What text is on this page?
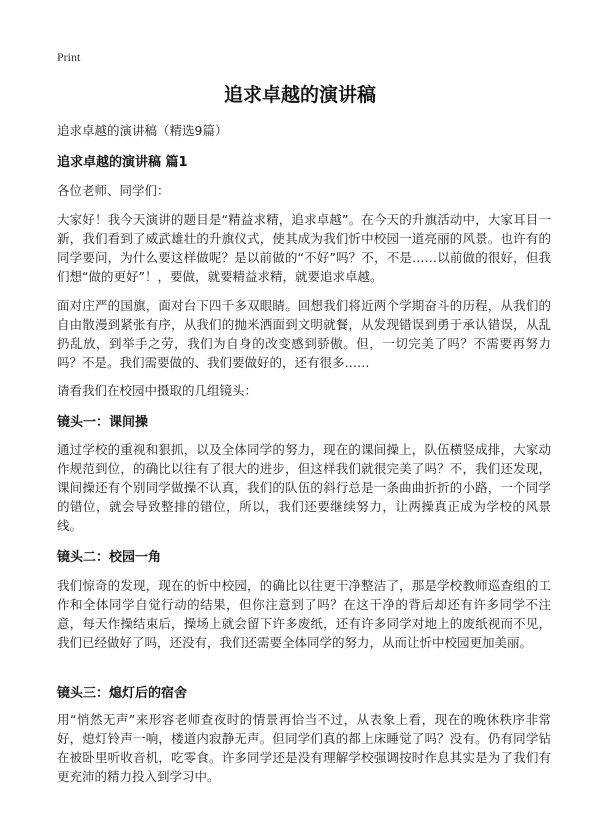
Print
追求卓越的演讲稿

追求卓越的演讲稿（精选9篇）

追求卓越的演讲稿 篇1

各位老师、同学们：

大家好！我今天演讲的题目是“精益求精，追求卓越”。在今天的升旗活动中，大家耳目一新，我们看到了威武雄壮的升旗仪式，使其成为我们忻中校园一道亮丽的风景。也许有的同学要问，为什么要这样做呢？是以前做的“不好”吗？不，不是……以前做的很好，但我们想“做的更好”！，要做，就要精益求精，就要追求卓越。

面对庄严的国旗，面对台下四千多双眼睛。回想我们将近两个学期奋斗的历程，从我们的自由散漫到紧张有序，从我们的抛米洒面到文明就餐，从发现错误到勇于承认错误，从乱扔乱放，到举手之劳，我们为自身的改变感到骄傲。但，一切完美了吗？不需要再努力吗？不是。我们需要做的、我们要做好的，还有很多……

请看我们在校园中摄取的几组镜头：

镜头一：课间操

通过学校的重视和狠抓，以及全体同学的努力，现在的课间操上，队伍横竖成排，大家动作规范到位，的确比以往有了很大的进步，但这样我们就很完美了吗？不，我们还发现，课间操还有个别同学做操不认真，我们的队伍的斜行总是一条曲曲折折的小路，一个同学的错位，就会导致整排的错位，所以，我们还要继续努力，让两操真正成为学校的风景线。

镜头二：校园一角

我们惊奇的发现，现在的忻中校园，的确比以往更干净整洁了，那是学校教师巡查组的工作和全体同学自觉行动的结果，但你注意到了吗？在这干净的背后却还有许多同学不注意，每天作操结束后，操场上就会留下许多废纸，还有许多同学对地上的废纸视而不见，我们已经做好了吗，还没有，我们还需要全体同学的努力，从而让忻中校园更加美丽。

镜头三：熄灯后的宿舍

用“悄然无声”来形容老师查夜时的情景再恰当不过，从表象上看，现在的晚休秩序非常好，熄灯铃声一响，楼道内寂静无声。但同学们真的都上床睡觉了吗？没有。仍有同学钻在被卧里听收音机，吃零食。许多同学还是没有理解学校强调按时作息其实是为了我们有更充沛的精力投入到学习中。
